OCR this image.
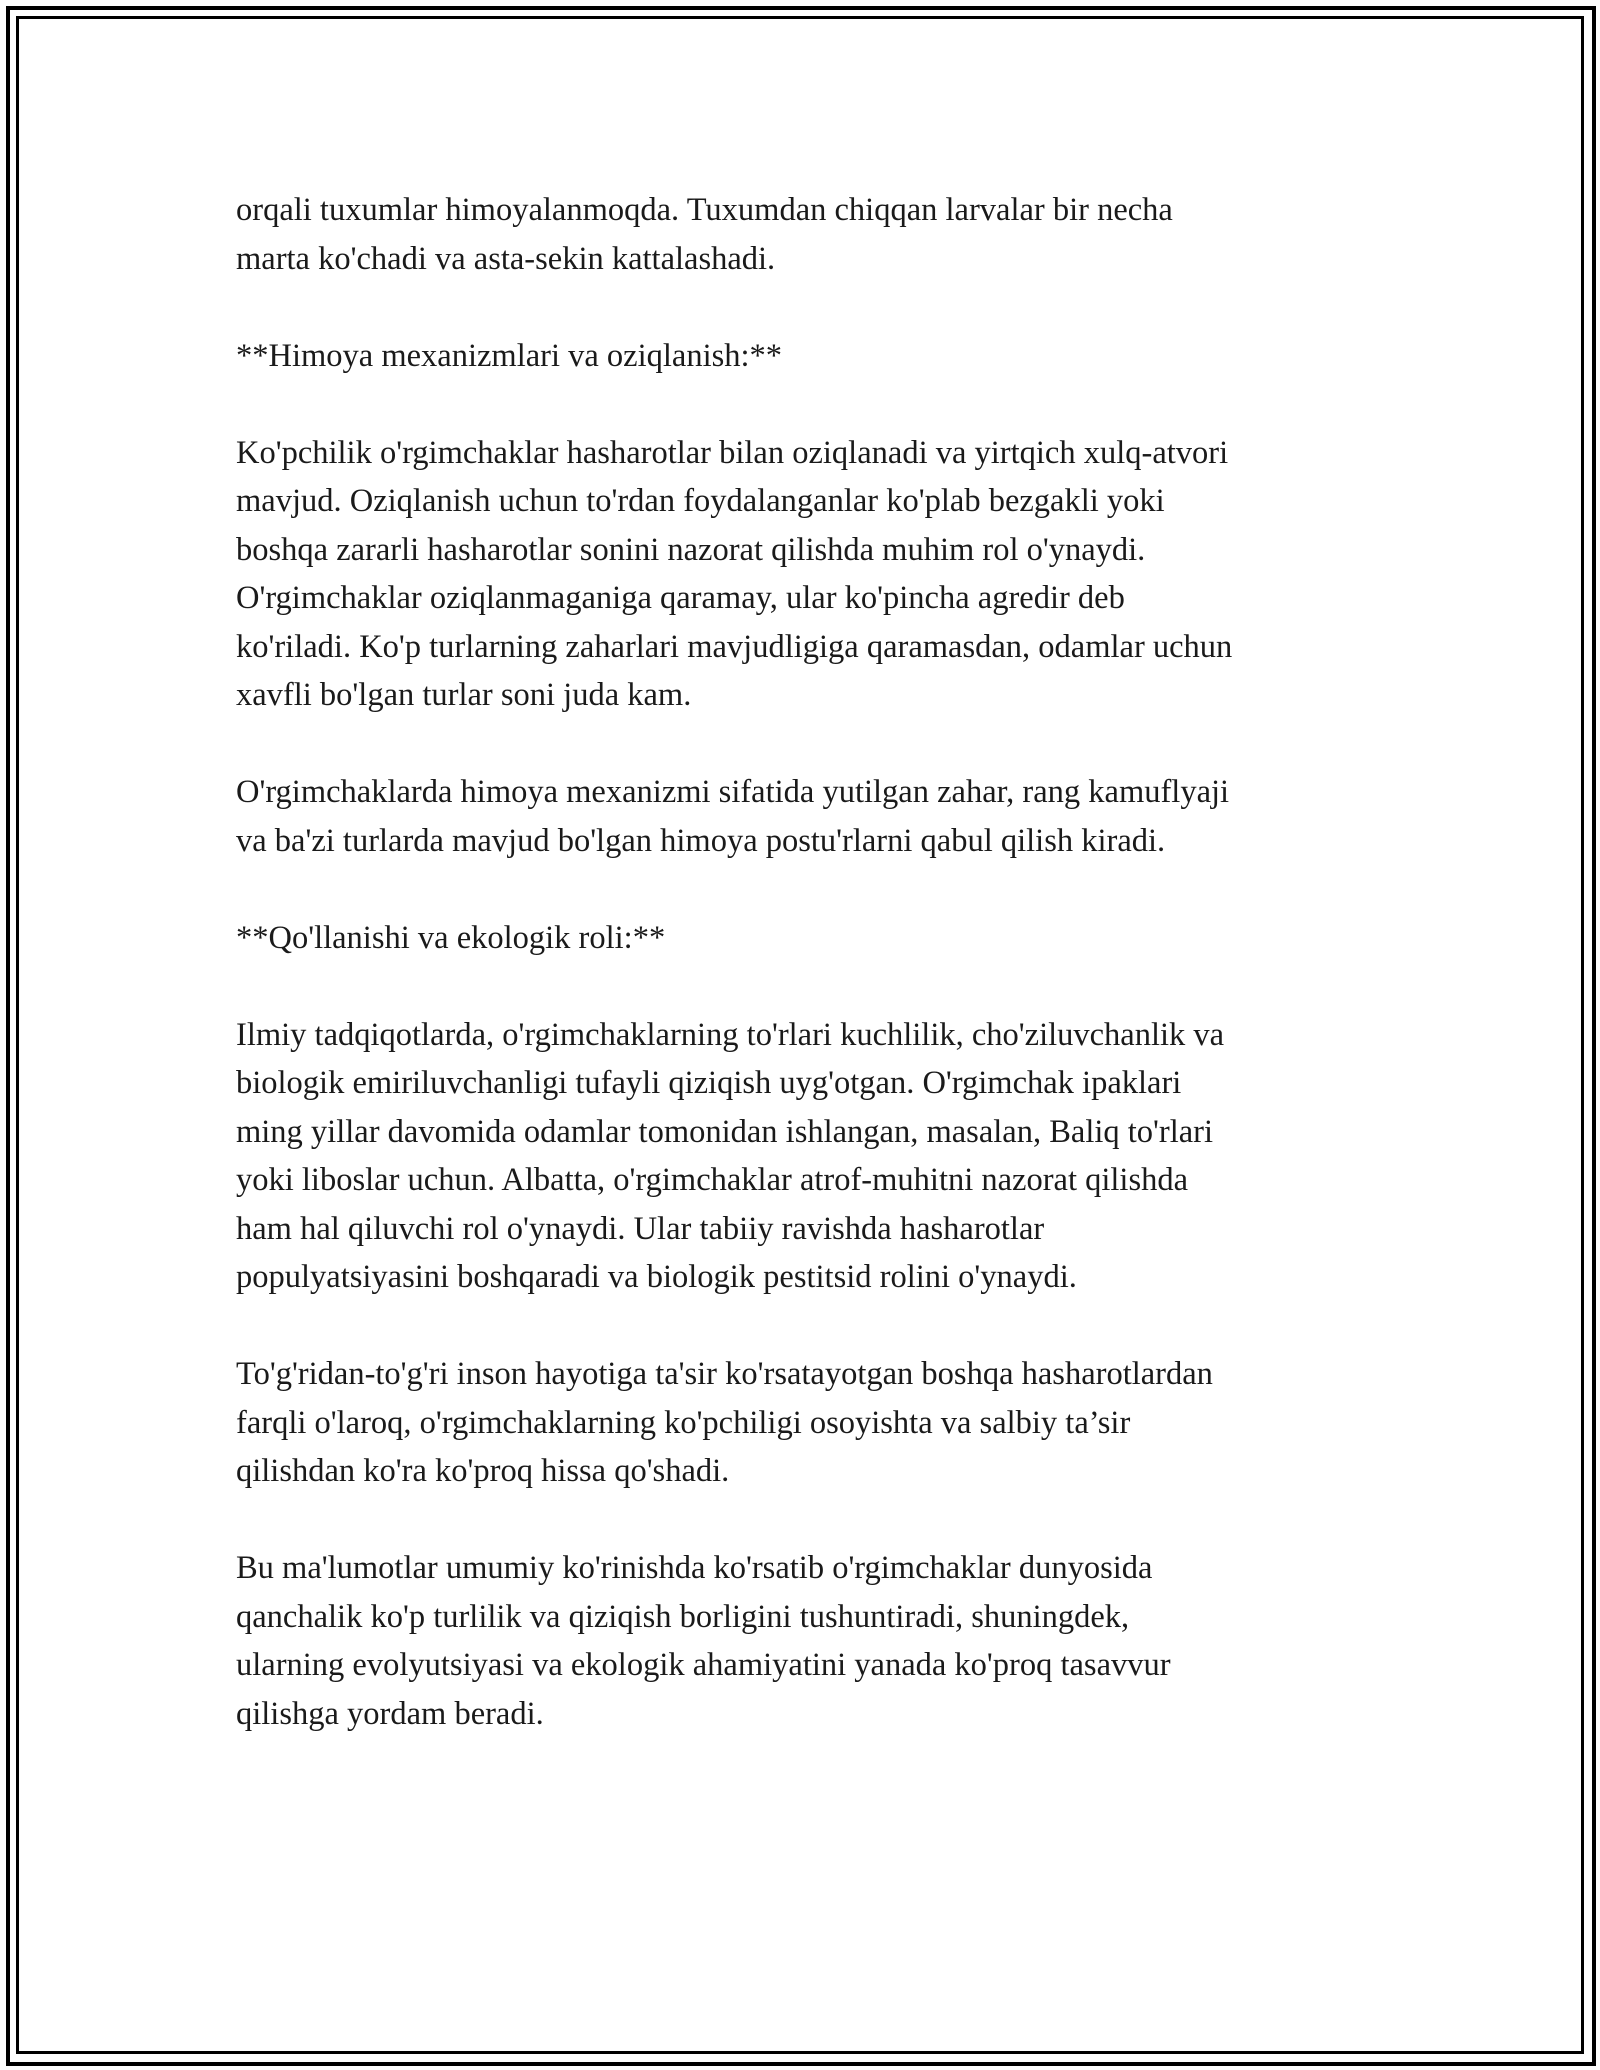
orqali tuxumlar himoyalanmoqda. Tuxumdan chiqqan larvalar bir necha
marta ko'chadi va asta-sekin kattalashadi.
**Himoya mexanizmlari va oziqlanish:**
Ko'pchilik o'rgimchaklar hasharotlar bilan oziqlanadi va yirtqich xulq-atvori
mavjud. Oziqlanish uchun to'rdan foydalanganlar ko'plab bezgakli yoki
boshqa zararli hasharotlar sonini nazorat qilishda muhim rol o'ynaydi.
O'rgimchaklar oziqlanmaganiga qaramay, ular ko'pincha agredir deb
ko'riladi. Ko'p turlarning zaharlari mavjudligiga qaramasdan, odamlar uchun
xavfli bo'lgan turlar soni juda kam.
O'rgimchaklarda himoya mexanizmi sifatida yutilgan zahar, rang kamuflyaji
va ba'zi turlarda mavjud bo'lgan himoya postu'rlarni qabul qilish kiradi.
**Qo'llanishi va ekologik roli:**
Ilmiy tadqiqotlarda, o'rgimchaklarning to'rlari kuchlilik, cho'ziluvchanlik va
biologik emiriluvchanligi tufayli qiziqish uyg'otgan. O'rgimchak ipaklari
ming yillar davomida odamlar tomonidan ishlangan, masalan, Baliq to'rlari
yoki liboslar uchun. Albatta, o'rgimchaklar atrof-muhitni nazorat qilishda
ham hal qiluvchi rol o'ynaydi. Ular tabiiy ravishda hasharotlar
populyatsiyasini boshqaradi va biologik pestitsid rolini o'ynaydi.
To'g'ridan-to'g'ri inson hayotiga ta'sir ko'rsatayotgan boshqa hasharotlardan
farqli o'laroq, o'rgimchaklarning ko'pchiligi osoyishta va salbiy ta’sir
qilishdan ko'ra ko'proq hissa qo'shadi.
Bu ma'lumotlar umumiy ko'rinishda ko'rsatib o'rgimchaklar dunyosida
qanchalik ko'p turlilik va qiziqish borligini tushuntiradi, shuningdek,
ularning evolyutsiyasi va ekologik ahamiyatini yanada ko'proq tasavvur
qilishga yordam beradi.
